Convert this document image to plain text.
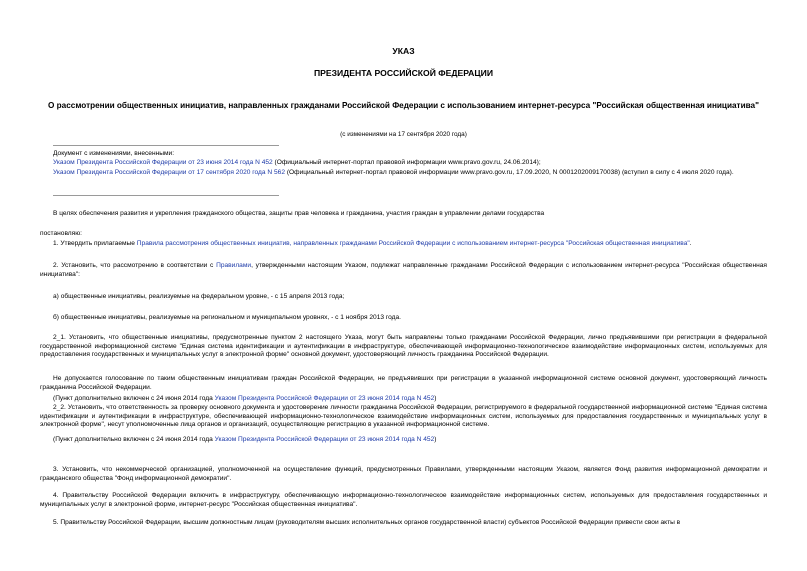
УКАЗ
ПРЕЗИДЕНТА РОССИЙСКОЙ ФЕДЕРАЦИИ
О рассмотрении общественных инициатив, направленных гражданами Российской Федерации с использованием интернет-ресурса "Российская общественная инициатива"
(с изменениями на 17 сентября 2020 года)
Документ с изменениями, внесенными:
Указом Президента Российской Федерации от 23 июня 2014 года N 452 (Официальный интернет-портал правовой информации www.pravo.gov.ru, 24.06.2014);
Указом Президента Российской Федерации от 17 сентября 2020 года N 562 (Официальный интернет-портал правовой информации www.pravo.gov.ru, 17.09.2020, N 0001202009170038) (вступил в силу с 4 июля 2020 года).
В целях обеспечения развития и укрепления гражданского общества, защиты прав человека и гражданина, участия граждан в управлении делами государства
постановляю:
1. Утвердить прилагаемые Правила рассмотрения общественных инициатив, направленных гражданами Российской Федерации с использованием интернет-ресурса "Российская общественная инициатива".
2. Установить, что рассмотрению в соответствии с Правилами, утвержденными настоящим Указом, подлежат направленные гражданами Российской Федерации с использованием интернет-ресурса "Российская общественная инициатива":
а) общественные инициативы, реализуемые на федеральном уровне, - с 15 апреля 2013 года;
б) общественные инициативы, реализуемые на региональном и муниципальном уровнях, - с 1 ноября 2013 года.
2_1. Установить, что общественные инициативы, предусмотренные пунктом 2 настоящего Указа, могут быть направлены только гражданами Российской Федерации, лично предъявившими при регистрации в федеральной государственной информационной системе "Единая система идентификации и аутентификации в инфраструктуре, обеспечивающей информационно-технологическое взаимодействие информационных систем, используемых для предоставления государственных и муниципальных услуг в электронной форме" основной документ, удостоверяющий личность гражданина Российской Федерации.
Не допускается голосование по таким общественным инициативам граждан Российской Федерации, не предъявивших при регистрации в указанной информационной системе основной документ, удостоверяющий личность гражданина Российской Федерации.
(Пункт дополнительно включен с 24 июня 2014 года Указом Президента Российской Федерации от 23 июня 2014 года N 452)
2_2. Установить, что ответственность за проверку основного документа и удостоверение личности гражданина Российской Федерации, регистрируемого в федеральной государственной информационной системе "Единая система идентификации и аутентификации в инфраструктуре, обеспечивающей информационно-технологическое взаимодействие информационных систем, используемых для предоставления государственных и муниципальных услуг в электронной форме", несут уполномоченные лица органов и организаций, осуществляющие регистрацию в указанной информационной системе.
(Пункт дополнительно включен с 24 июня 2014 года Указом Президента Российской Федерации от 23 июня 2014 года N 452)
3. Установить, что некоммерческой организацией, уполномоченной на осуществление функций, предусмотренных Правилами, утвержденными настоящим Указом, является Фонд развития информационной демократии и гражданского общества "Фонд информационной демократии".
4. Правительству Российской Федерации включить в инфраструктуру, обеспечивающую информационно-технологическое взаимодействие информационных систем, используемых для предоставления государственных и муниципальных услуг в электронной форме, интернет-ресурс "Российская общественная инициатива".
5. Правительству Российской Федерации, высшим должностным лицам (руководителям высших исполнительных органов государственной власти) субъектов Российской Федерации привести свои акты в
